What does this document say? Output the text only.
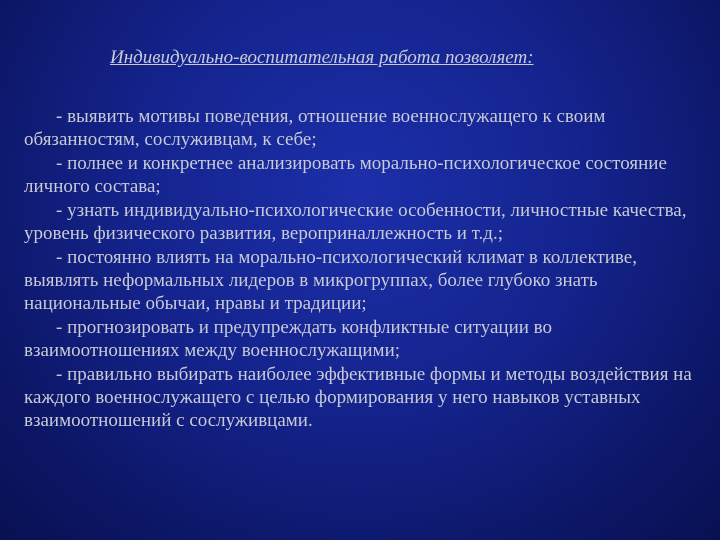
Индивидуально-воспитательная работа позволяет:

- выявить мотивы поведения, отношение военнослужащего к своим обязанностям, сослуживцам, к себе;

- полнее и конкретнее анализировать морально-психологическое состояние личного состава;

- узнать индивидуально-психологические особенности, личностные качества, уровень физического развития, вероприналлежность и т.д.;

- постоянно влиять на морально-психологический климат в коллективе, выявлять неформальных лидеров в микрогруппах, более глубоко знать национальные обычаи, нравы и традиции;

- прогнозировать и предупреждать конфликтные ситуации во взаимоотношениях между военнослужащими;

- правильно выбирать наиболее эффективные формы и методы воздействия на каждого военнослужащего с целью формирования у него навыков уставных взаимоотношений с сослуживцами.
